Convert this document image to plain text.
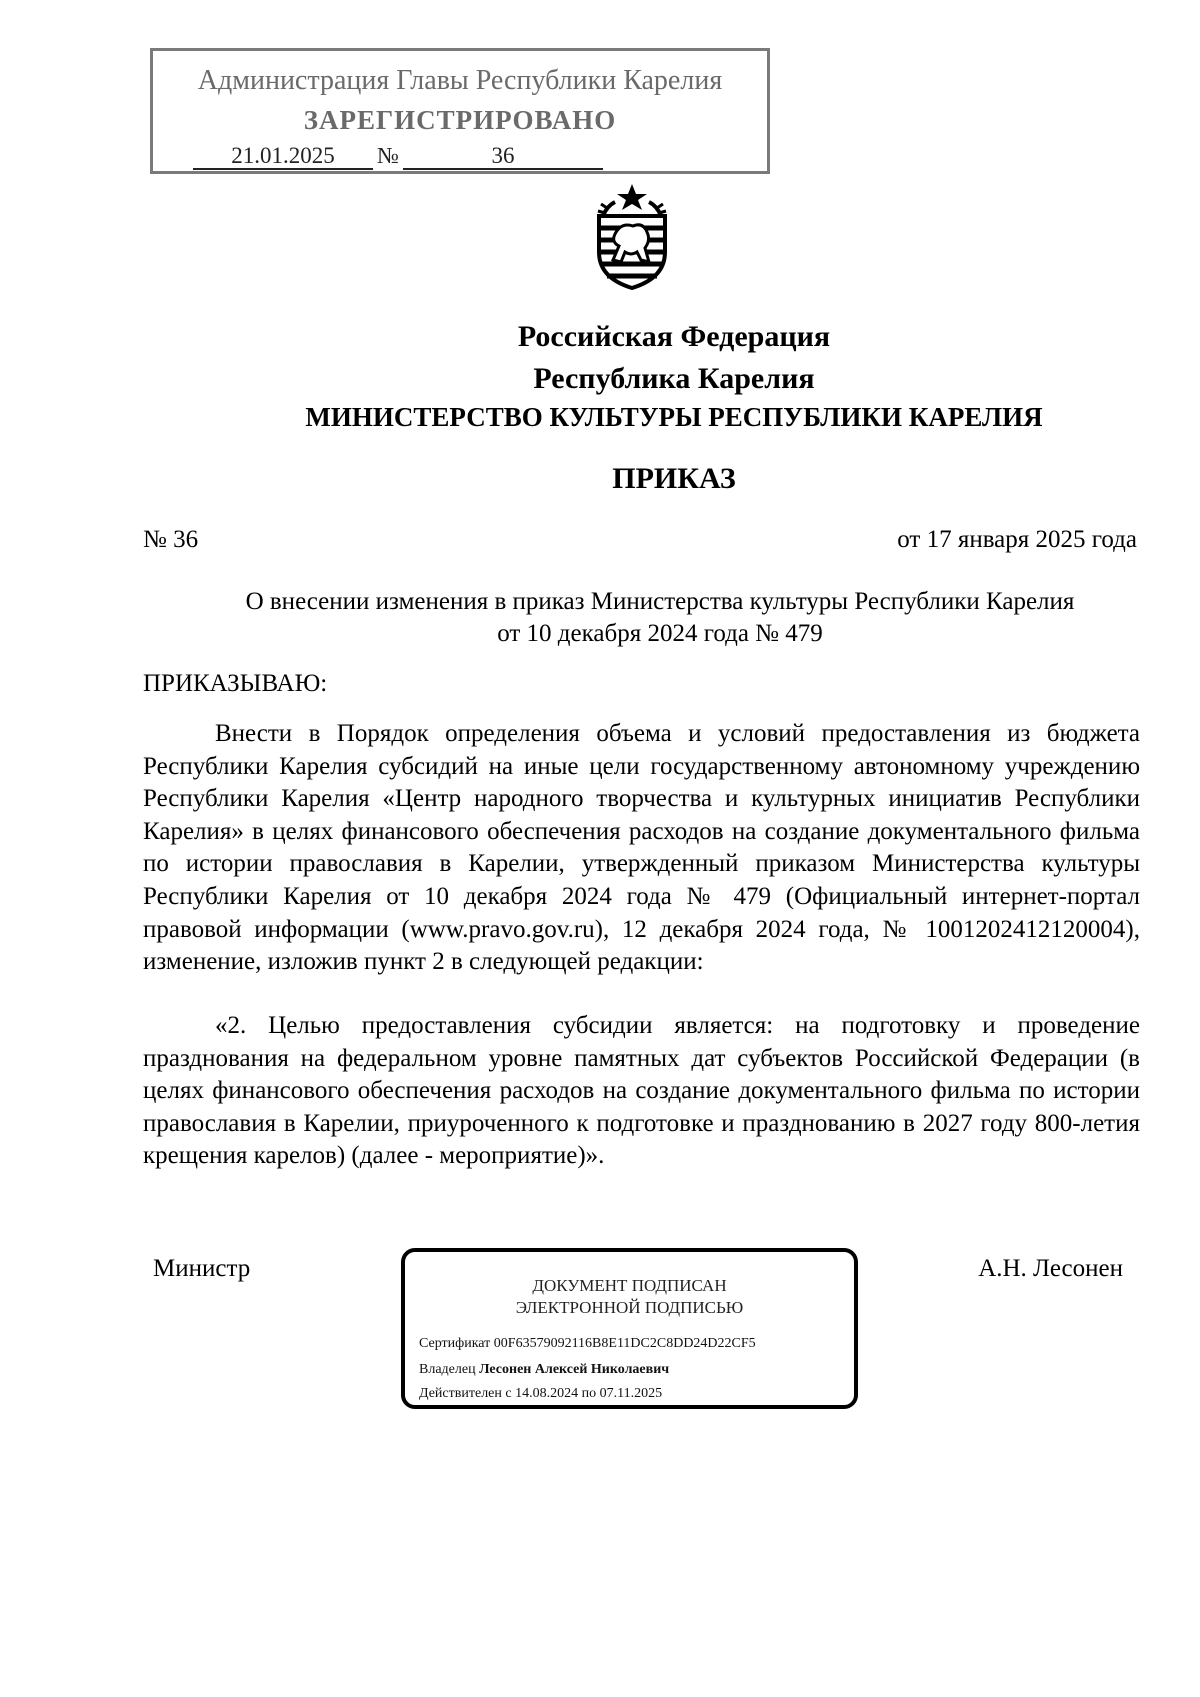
Администрация Главы Республики Карелия
ЗАРЕГИСТРИРОВАНО
21.01.2025 №	36
Российская Федерация
Республика Карелия
МИНИСТЕРСТВО КУЛЬТУРЫ РЕСПУБЛИКИ КАРЕЛИЯ
ПРИКАЗ
№ 36	от 17 января 2025 года
О внесении изменения в приказ Министерства культуры Республики Карелия
от 10 декабря 2024 года № 479
ПРИКАЗЫВАЮ:

Внести в Порядок определения объема и условий предоставления из бюджета Республики Карелия субсидий на иные цели государственному автономному учреждению Республики Карелия «Центр народного творчества и культурных инициатив Республики Карелия» в целях финансового обеспечения расходов на создание документального фильма по истории православия в Карелии, утвержденный приказом Министерства культуры Республики Карелия от 10 декабря 2024 года № 479 (Официальный интернет-портал правовой информации (www.pravo.gov.ru), 12 декабря 2024 года, № 1001202412120004), изменение, изложив пункт 2 в следующей редакции:

«2. Целью предоставления субсидии является: на подготовку и проведение празднования на федеральном уровне памятных дат субъектов Российской Федерации (в целях финансового обеспечения расходов на создание документального фильма по истории православия в Карелии, приуроченного к подготовке и празднованию в 2027 году 800-летия крещения карелов) (далее - мероприятие)».

Министр	А.Н. Лесонен
ДОКУМЕНТ ПОДПИСАН
ЭЛЕКТРОННОЙ ПОДПИСЬЮ
Сертификат 00F63579092116B8E11DC2C8DD24D22CF5
Владелец Лесонен Алексей Николаевич
Действителен с 14.08.2024 по 07.11.2025
